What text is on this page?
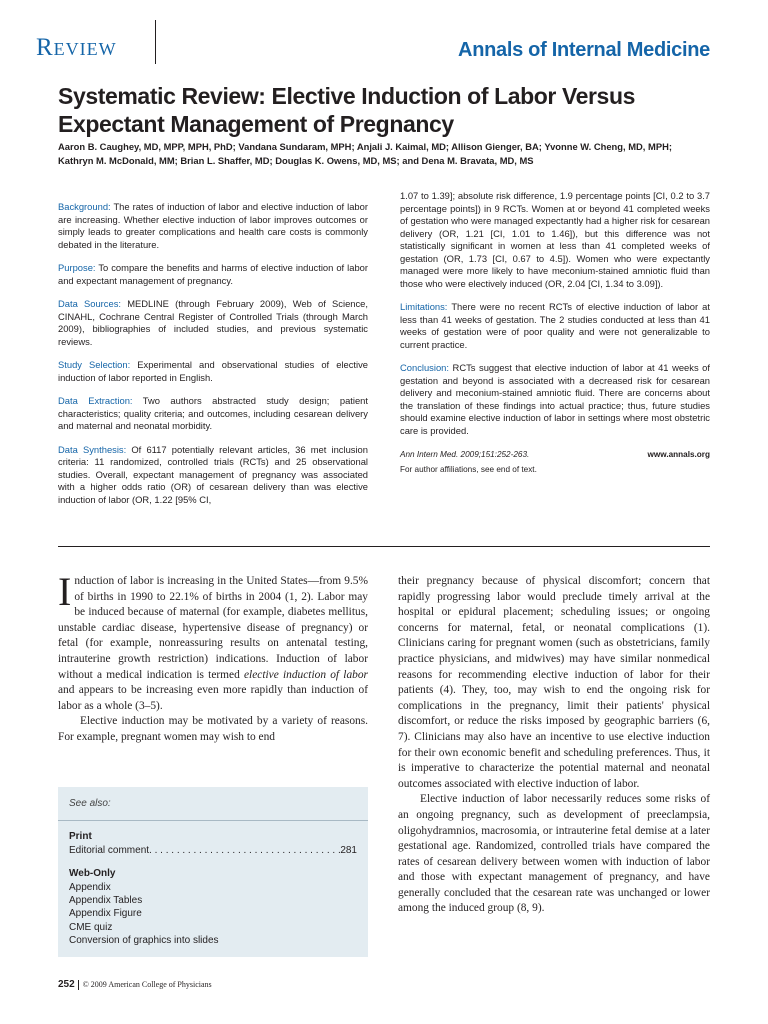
Review	Annals of Internal Medicine
Systematic Review: Elective Induction of Labor Versus Expectant Management of Pregnancy
Aaron B. Caughey, MD, MPP, MPH, PhD; Vandana Sundaram, MPH; Anjali J. Kaimal, MD; Allison Gienger, BA; Yvonne W. Cheng, MD, MPH; Kathryn M. McDonald, MM; Brian L. Shaffer, MD; Douglas K. Owens, MD, MS; and Dena M. Bravata, MD, MS

Background: The rates of induction of labor and elective induction of labor are increasing. Whether elective induction of labor improves outcomes or simply leads to greater complications and health care costs is commonly debated in the literature.

Purpose: To compare the benefits and harms of elective induction of labor and expectant management of pregnancy.

Data Sources: MEDLINE (through February 2009), Web of Science, CINAHL, Cochrane Central Register of Controlled Trials (through March 2009), bibliographies of included studies, and previous systematic reviews.

Study Selection: Experimental and observational studies of elective induction of labor reported in English.

Data Extraction: Two authors abstracted study design; patient characteristics; quality criteria; and outcomes, including cesarean delivery and maternal and neonatal morbidity.

Data Synthesis: Of 6117 potentially relevant articles, 36 met inclusion criteria: 11 randomized, controlled trials (RCTs) and 25 observational studies. Overall, expectant management of pregnancy was associated with a higher odds ratio (OR) of cesarean delivery than was elective induction of labor (OR, 1.22 [95% CI,

1.07 to 1.39]; absolute risk difference, 1.9 percentage points [CI, 0.2 to 3.7 percentage points]) in 9 RCTs. Women at or beyond 41 completed weeks of gestation who were managed expectantly had a higher risk for cesarean delivery (OR, 1.21 [CI, 1.01 to 1.46]), but this difference was not statistically significant in women at less than 41 completed weeks of gestation (OR, 1.73 [CI, 0.67 to 4.5]). Women who were expectantly managed were more likely to have meconium-stained amniotic fluid than those who were electively induced (OR, 2.04 [CI, 1.34 to 3.09]).

Limitations: There were no recent RCTs of elective induction of labor at less than 41 weeks of gestation. The 2 studies conducted at less than 41 weeks of gestation were of poor quality and were not generalizable to current practice.

Conclusion: RCTs suggest that elective induction of labor at 41 weeks of gestation and beyond is associated with a decreased risk for cesarean delivery and meconium-stained amniotic fluid. There are concerns about the translation of these findings into actual practice; thus, future studies should examine elective induction of labor in settings where most obstetric care is provided.

Ann Intern Med. 2009;151:252-263.	www.annals.org
For author affiliations, see end of text.

Induction of labor is increasing in the United States—from 9.5% of births in 1990 to 22.1% of births in 2004 (1, 2). Labor may be induced because of maternal (for example, diabetes mellitus, unstable cardiac disease, hypertensive disease of pregnancy) or fetal (for example, nonreassuring results on antenatal testing, intrauterine growth restriction) indications. Induction of labor without a medical indication is termed elective induction of labor and appears to be increasing even more rapidly than induction of labor as a whole (3–5).

Elective induction may be motivated by a variety of reasons. For example, pregnant women may wish to end

See also:
Print
Editorial comment
. . .	281
Web-Only
Appendix
Appendix Tables
Appendix Figure
CME quiz
Conversion of graphics into slides

their pregnancy because of physical discomfort; concern that rapidly progressing labor would preclude timely arrival at the hospital or epidural placement; scheduling issues; or ongoing concerns for maternal, fetal, or neonatal complications (1). Clinicians caring for pregnant women (such as obstetricians, family practice physicians, and midwives) may have similar nonmedical reasons for recommending elective induction of labor for their patients (4). They, too, may wish to end the ongoing risk for complications in the pregnancy, limit their patients' physical discomfort, or reduce the risks imposed by geographic barriers (6, 7). Clinicians may also have an incentive to use elective induction for their own economic benefit and scheduling preferences. Thus, it is imperative to characterize the potential maternal and neonatal outcomes associated with elective induction of labor.

Elective induction of labor necessarily reduces some risks of an ongoing pregnancy, such as development of preeclampsia, oligohydramnios, macrosomia, or intrauterine fetal demise at a later gestational age. Randomized, controlled trials have compared the rates of cesarean delivery between women with induction of labor and those with expectant management of pregnancy, and have generally concluded that the cesarean rate was unchanged or lower among the induced group (8, 9).

252 © 2009 American College of Physicians
